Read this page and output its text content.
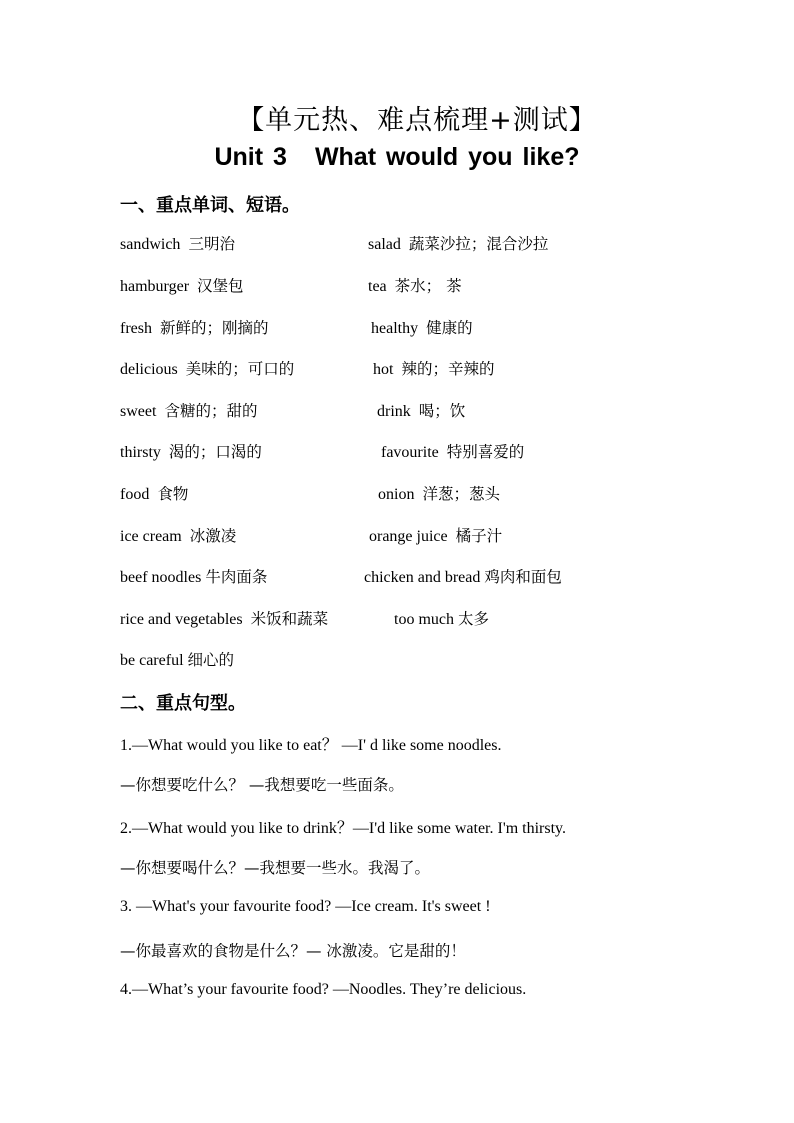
【单元热、难点梳理+测试】
Unit 3 What would you like?
一、重点单词、短语。
sandwich 三明治	salad 蔬菜沙拉；混合沙拉
hamburger 汉堡包	tea 茶水； 茶
fresh 新鲜的；刚摘的	healthy 健康的
delicious 美味的；可口的	hot 辣的；辛辣的
sweet 含糖的；甜的	drink 喝；饮
thirsty 渴的；口渴的	favourite 特别喜爱的
food 食物	onion 洋葱；葱头
ice cream 冰激凌	orange juice 橘子汁
beef noodles 牛肉面条	chicken and bread 鸡肉和面包
rice and vegetables 米饭和蔬菜	too much 太多
be careful 细心的
二、重点句型。
1.—What would you like to eat？ —I' d like some noodles.
—你想要吃什么？ —我想要吃一些面条。
2.—What would you like to drink？—I'd like some water. I'm thirsty.
—你想要喝什么？—我想要一些水。我渴了。
3. —What's your favourite food? —Ice cream. It's sweet !
—你最喜欢的食物是什么？— 冰激凌。它是甜的！
4.—What’s your favourite food? —Noodles. They’re delicious.
